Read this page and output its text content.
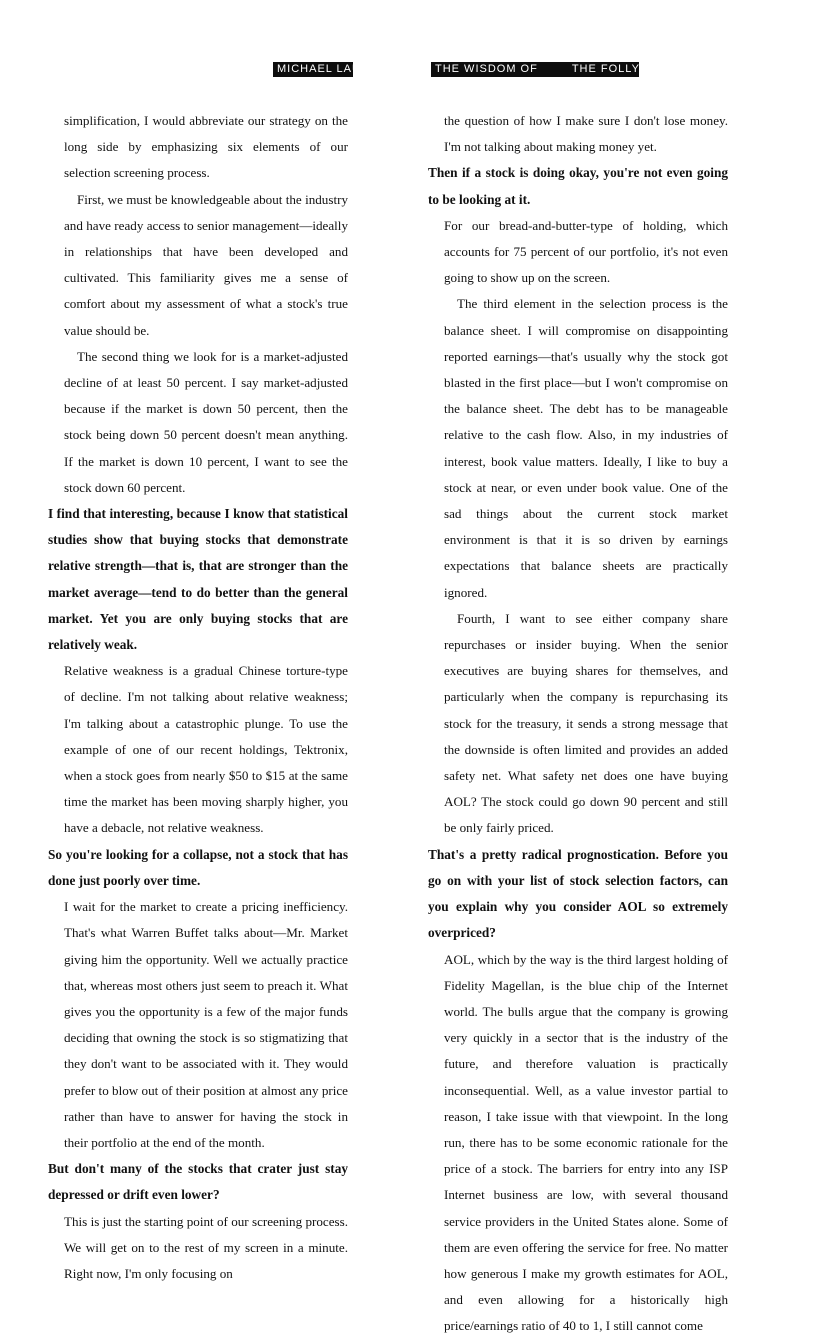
MICHAEL LAUER	THE WISDOM OF	THE FOLLY OF FAD

simplification, I would abbreviate our strategy on the long side by emphasizing six elements of our selection screening process.

First, we must be knowledgeable about the industry and have ready access to senior management—ideally in relationships that have been developed and cultivated. This familiarity gives me a sense of comfort about my assessment of what a stock's true value should be.

The second thing we look for is a market-adjusted decline of at least 50 percent. I say market-adjusted because if the market is down 50 percent, then the stock being down 50 percent doesn't mean anything. If the market is down 10 percent, I want to see the stock down 60 percent.

I find that interesting, because I know that statistical studies show that buying stocks that demonstrate relative strength—that is, that are stronger than the market average—tend to do better than the general market. Yet you are only buying stocks that are relatively weak.

Relative weakness is a gradual Chinese torture-type of decline. I'm not talking about relative weakness; I'm talking about a catastrophic plunge. To use the example of one of our recent holdings, Tektronix, when a stock goes from nearly $50 to $15 at the same time the market has been moving sharply higher, you have a debacle, not relative weakness.

So you're looking for a collapse, not a stock that has done just poorly over time.

I wait for the market to create a pricing inefficiency. That's what Warren Buffet talks about—Mr. Market giving him the opportunity. Well we actually practice that, whereas most others just seem to preach it. What gives you the opportunity is a few of the major funds deciding that owning the stock is so stigmatizing that they don't want to be associated with it. They would prefer to blow out of their position at almost any price rather than have to answer for having the stock in their portfolio at the end of the month.

But don't many of the stocks that crater just stay depressed or drift even lower?

This is just the starting point of our screening process. We will get on to the rest of my screen in a minute. Right now, I'm only focusing on

the question of how I make sure I don't lose money. I'm not talking about making money yet.

Then if a stock is doing okay, you're not even going to be looking at it.

For our bread-and-butter-type of holding, which accounts for 75 percent of our portfolio, it's not even going to show up on the screen.

The third element in the selection process is the balance sheet. I will compromise on disappointing reported earnings—that's usually why the stock got blasted in the first place—but I won't compromise on the balance sheet. The debt has to be manageable relative to the cash flow. Also, in my industries of interest, book value matters. Ideally, I like to buy a stock at near, or even under book value. One of the sad things about the current stock market environment is that it is so driven by earnings expectations that balance sheets are practically ignored.

Fourth, I want to see either company share repurchases or insider buying. When the senior executives are buying shares for themselves, and particularly when the company is repurchasing its stock for the treasury, it sends a strong message that the downside is often limited and provides an added safety net. What safety net does one have buying AOL? The stock could go down 90 percent and still be only fairly priced.

That's a pretty radical prognostication. Before you go on with your list of stock selection factors, can you explain why you consider AOL so extremely overpriced?

AOL, which by the way is the third largest holding of Fidelity Magellan, is the blue chip of the Internet world. The bulls argue that the company is growing very quickly in a sector that is the industry of the future, and therefore valuation is practically inconsequential. Well, as a value investor partial to reason, I take issue with that viewpoint. In the long run, there has to be some economic rationale for the price of a stock. The barriers for entry into any ISP Internet business are low, with several thousand service providers in the United States alone. Some of them are even offering the service for free. No matter how generous I make my growth estimates for AOL, and even allowing for a historically high price/earnings ratio of 40 to 1, I still cannot come
